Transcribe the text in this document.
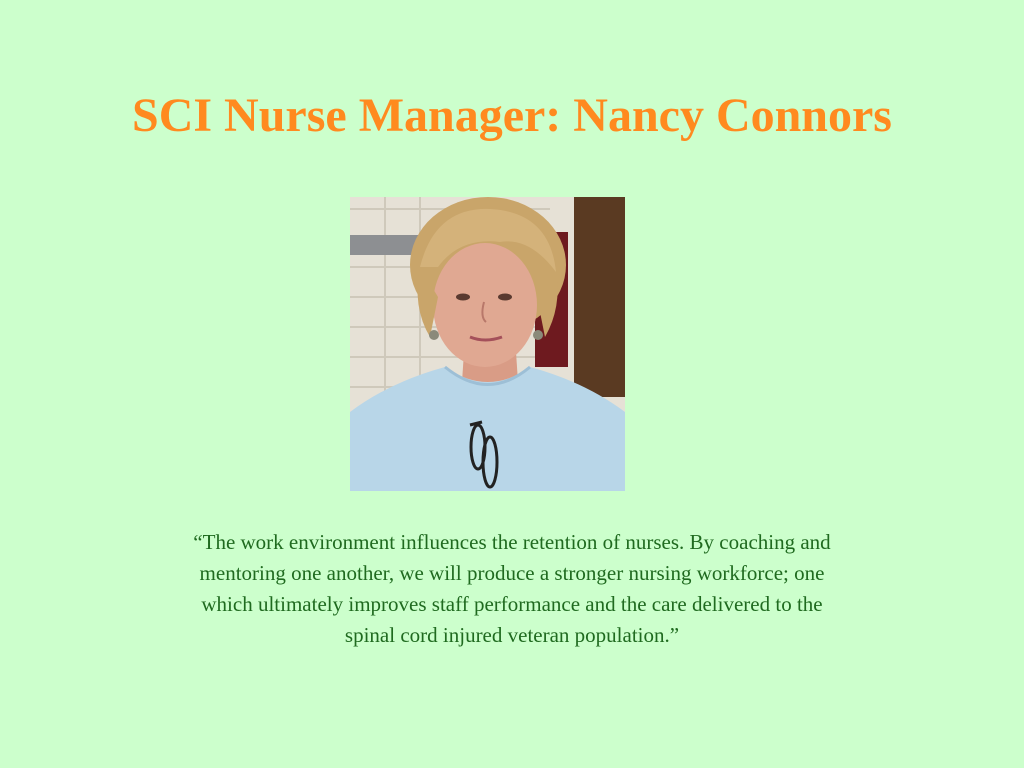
SCI Nurse Manager: Nancy Connors

“The work environment influences the retention of nurses. By coaching and
mentoring one another, we will produce a stronger nursing workforce; one
which ultimately improves staff performance and the care delivered to the
spinal cord injured veteran population.”
